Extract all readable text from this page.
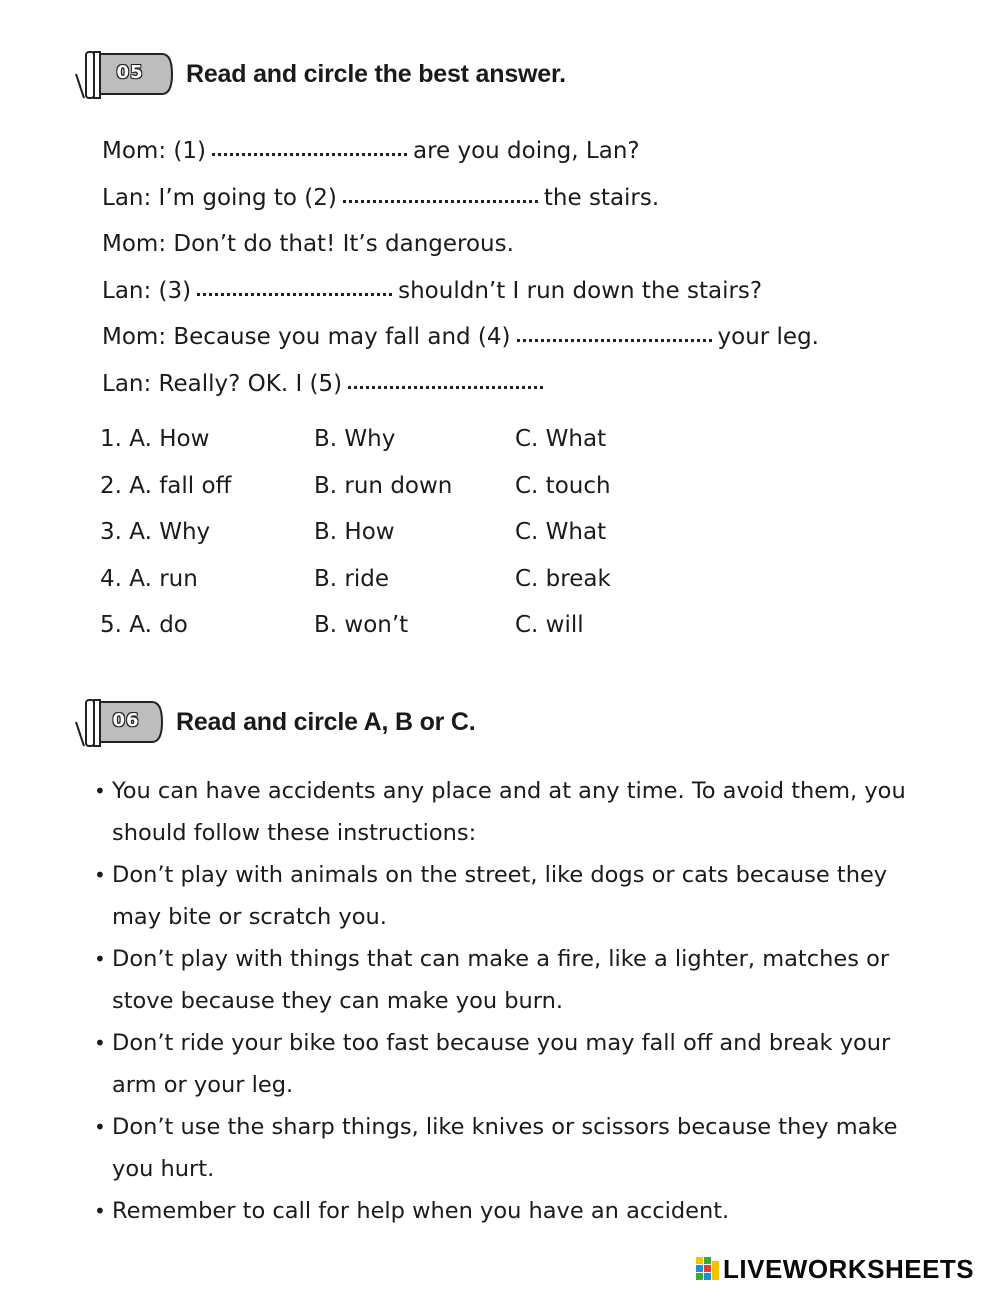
05	Read and circle the best answer.
Mom: (1)	are you doing, Lan?
Lan: I’m going to (2)	the stairs.
Mom: Don’t do that! It’s dangerous.
Lan: (3)	shouldn’t I run down the stairs?
Mom: Because you may fall and (4)	your leg.
Lan: Really? OK. I (5)
1. A. How	B. Why	C. What
2. A. fall off	B. run down	C. touch
3. A. Why	B. How	C. What
4. A. run	B. ride	C. break
5. A. do	B. won’t	C. will
06	Read and circle A, B or C.
• You can have accidents any place and at any time. To avoid them, you should follow these instructions:
• Don’t play with animals on the street, like dogs or cats because they may bite or scratch you.
• Don’t play with things that can make a fire, like a lighter, matches or stove because they can make you burn.
• Don’t ride your bike too fast because you may fall off and break your arm or your leg.
• Don’t use the sharp things, like knives or scissors because they make you hurt.
• Remember to call for help when you have an accident.
LIVEWORKSHEETS
